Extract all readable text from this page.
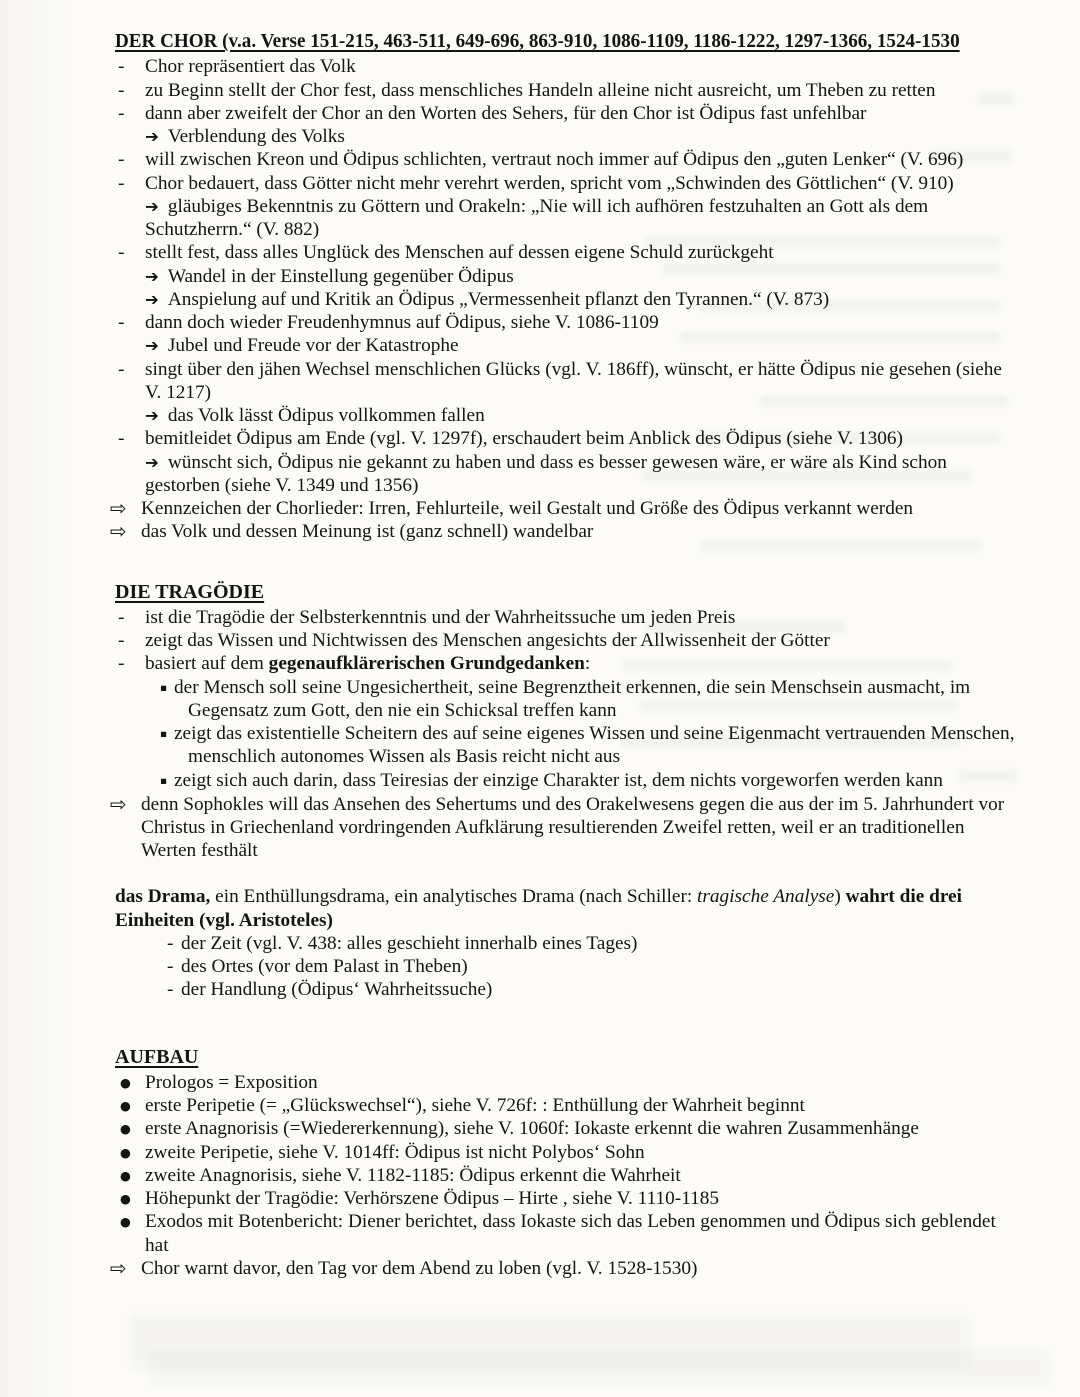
DER CHOR (v.a. Verse 151-215, 463-511, 649-696, 863-910, 1086-1109, 1186-1222, 1297-1366, 1524-1530
-	Chor repräsentiert das Volk
-	zu Beginn stellt der Chor fest, dass menschliches Handeln alleine nicht ausreicht, um Theben zu retten
-	dann aber zweifelt der Chor an den Worten des Sehers, für den Chor ist Ödipus fast unfehlbar
➔ Verblendung des Volks
-	will zwischen Kreon und Ödipus schlichten, vertraut noch immer auf Ödipus den „guten Lenker“ (V. 696)
-	Chor bedauert, dass Götter nicht mehr verehrt werden, spricht vom „Schwinden des Göttlichen“ (V. 910)
➔ gläubiges Bekenntnis zu Göttern und Orakeln: „Nie will ich aufhören festzuhalten an Gott als dem Schutzherrn.“ (V. 882)
-	stellt fest, dass alles Unglück des Menschen auf dessen eigene Schuld zurückgeht
➔ Wandel in der Einstellung gegenüber Ödipus
➔ Anspielung auf und Kritik an Ödipus „Vermessenheit pflanzt den Tyrannen.“ (V. 873)
-	dann doch wieder Freudenhymnus auf Ödipus, siehe V. 1086-1109
➔ Jubel und Freude vor der Katastrophe
-	singt über den jähen Wechsel menschlichen Glücks (vgl. V. 186ff), wünscht, er hätte Ödipus nie gesehen (siehe V. 1217)
➔ das Volk lässt Ödipus vollkommen fallen
-	bemitleidet Ödipus am Ende (vgl. V. 1297f), erschaudert beim Anblick des Ödipus (siehe V. 1306)
➔ wünscht sich, Ödipus nie gekannt zu haben und dass es besser gewesen wäre, er wäre als Kind schon gestorben (siehe V. 1349 und 1356)
⇨ Kennzeichen der Chorlieder: Irren, Fehlurteile, weil Gestalt und Größe des Ödipus verkannt werden
⇨ das Volk und dessen Meinung ist (ganz schnell) wandelbar
DIE TRAGÖDIE
-	ist die Tragödie der Selbsterkenntnis und der Wahrheitssuche um jeden Preis
-	zeigt das Wissen und Nichtwissen des Menschen angesichts der Allwissenheit der Götter
-	basiert auf dem gegenaufklärerischen Grundgedanken:
▪ der Mensch soll seine Ungesichertheit, seine Begrenztheit erkennen, die sein Menschsein ausmacht, im Gegensatz zum Gott, den nie ein Schicksal treffen kann
▪ zeigt das existentielle Scheitern des auf seine eigenes Wissen und seine Eigenmacht vertrauenden Menschen, menschlich autonomes Wissen als Basis reicht nicht aus
▪ zeigt sich auch darin, dass Teiresias der einzige Charakter ist, dem nichts vorgeworfen werden kann
⇨ denn Sophokles will das Ansehen des Sehertums und des Orakelwesens gegen die aus der im 5. Jahrhundert vor Christus in Griechenland vordringenden Aufklärung resultierenden Zweifel retten, weil er an traditionellen Werten festhält
das Drama, ein Enthüllungsdrama, ein analytisches Drama (nach Schiller: tragische Analyse) wahrt die drei Einheiten (vgl. Aristoteles)
- der Zeit (vgl. V. 438: alles geschieht innerhalb eines Tages)
- des Ortes (vor dem Palast in Theben)
- der Handlung (Ödipus‘ Wahrheitssuche)
AUFBAU
● Prologos = Exposition
● erste Peripetie (= „Glückswechsel“), siehe V. 726f: : Enthüllung der Wahrheit beginnt
● erste Anagnorisis (=Wiedererkennung), siehe V. 1060f: Iokaste erkennt die wahren Zusammenhänge
● zweite Peripetie, siehe V. 1014ff: Ödipus ist nicht Polybos‘ Sohn
● zweite Anagnorisis, siehe V. 1182-1185: Ödipus erkennt die Wahrheit
● Höhepunkt der Tragödie: Verhörszene Ödipus – Hirte , siehe V. 1110-1185
● Exodos mit Botenbericht: Diener berichtet, dass Iokaste sich das Leben genommen und Ödipus sich geblendet hat
⇨ Chor warnt davor, den Tag vor dem Abend zu loben (vgl. V. 1528-1530)
